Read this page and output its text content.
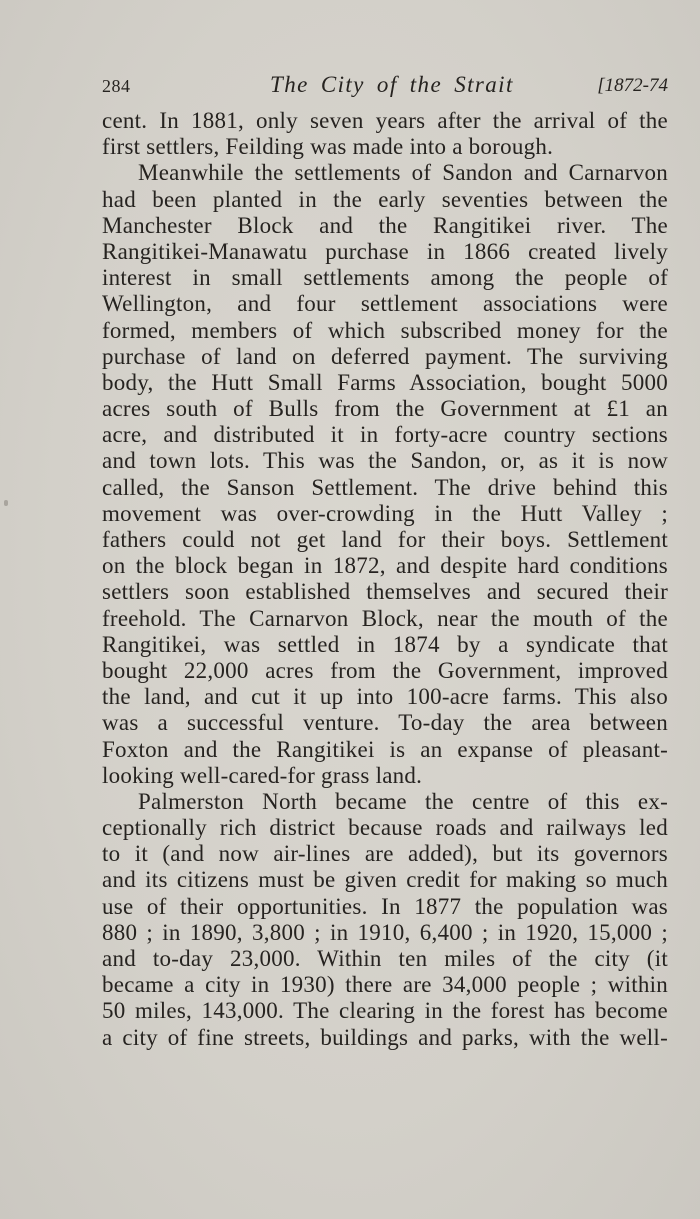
284	The City of the Strait	[1872-74
cent. In 1881, only seven years after the arrival of the
first settlers, Feilding was made into a borough.
Meanwhile the settlements of Sandon and Carnarvon
had been planted in the early seventies between the
Manchester Block and the Rangitikei river. The
Rangitikei-Manawatu purchase in 1866 created lively
interest in small settlements among the people of
Wellington, and four settlement associations were
formed, members of which subscribed money for the
purchase of land on deferred payment. The surviving
body, the Hutt Small Farms Association, bought 5000
acres south of Bulls from the Government at £1 an
acre, and distributed it in forty-acre country sections
and town lots. This was the Sandon, or, as it is now
called, the Sanson Settlement. The drive behind this
movement was over-crowding in the Hutt Valley ;
fathers could not get land for their boys. Settlement
on the block began in 1872, and despite hard conditions
settlers soon established themselves and secured their
freehold. The Carnarvon Block, near the mouth of the
Rangitikei, was settled in 1874 by a syndicate that
bought 22,000 acres from the Government, improved
the land, and cut it up into 100-acre farms. This also
was a successful venture. To-day the area between
Foxton and the Rangitikei is an expanse of pleasant-
looking well-cared-for grass land.
Palmerston North became the centre of this ex-
ceptionally rich district because roads and railways led
to it (and now air-lines are added), but its governors
and its citizens must be given credit for making so much
use of their opportunities. In 1877 the population was
880 ; in 1890, 3,800 ; in 1910, 6,400 ; in 1920, 15,000 ;
and to-day 23,000. Within ten miles of the city (it
became a city in 1930) there are 34,000 people ; within
50 miles, 143,000. The clearing in the forest has become
a city of fine streets, buildings and parks, with the well-
